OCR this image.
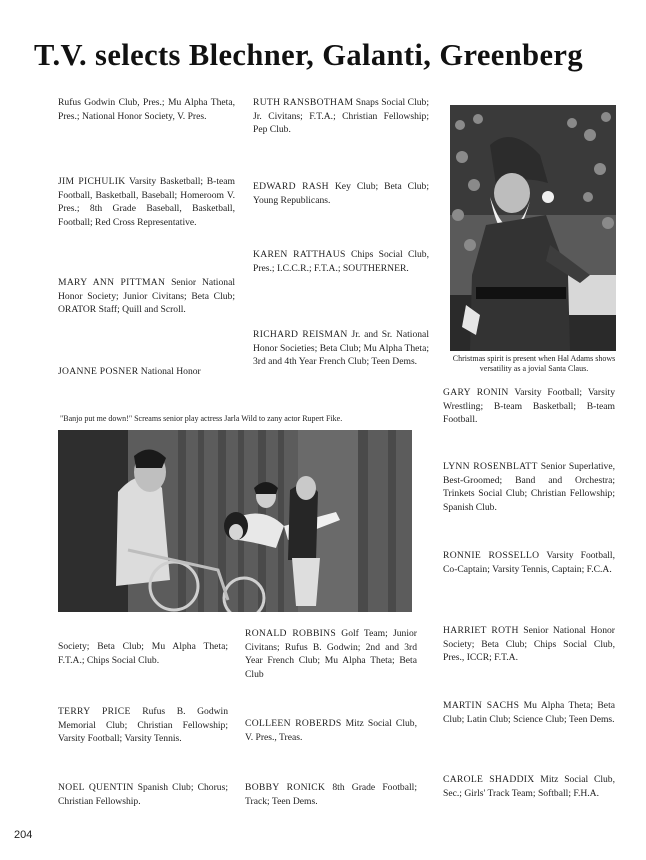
T.V. selects Blechner, Galanti, Greenberg
Rufus Godwin Club, Pres.; Mu Alpha Theta, Pres.; National Honor Society, V. Pres.
JIM PICHULIK Varsity Basketball; B-team Football, Basketball, Baseball; Homeroom V. Pres.; 8th Grade Baseball, Basketball, Football; Red Cross Representative.
MARY ANN PITTMAN Senior National Honor Society; Junior Civitans; Beta Club; ORATOR Staff; Quill and Scroll.
JOANNE POSNER National Honor
RUTH RANSBOTHAM Snaps Social Club; Jr. Civitans; F.T.A.; Christian Fellowship; Pep Club.
EDWARD RASH Key Club; Beta Club; Young Republicans.
KAREN RATTHAUS Chips Social Club, Pres.; I.C.C.R.; F.T.A.; SOUTHERNER.
RICHARD REISMAN Jr. and Sr. National Honor Societies; Beta Club; Mu Alpha Theta; 3rd and 4th Year French Club; Teen Dems.	Christmas spirit is present when Hal Adams shows versatility as a jovial Santa Claus.
"Banjo put me down!" Screams senior play actress Jarla Wild to zany actor Rupert Fike.
GARY RONIN Varsity Football; Varsity Wrestling; B-team Basketball; B-team Football.
LYNN ROSENBLATT Senior Superlative, Best-Groomed; Band and Orchestra; Trinkets Social Club; Christian Fellowship; Spanish Club.
RONNIE ROSSELLO Varsity Football, Co-Captain; Varsity Tennis, Captain; F.C.A.
HARRIET ROTH Senior National Honor Society; Beta Club; Chips Social Club, Pres., ICCR; F.T.A.
MARTIN SACHS Mu Alpha Theta; Beta Club; Latin Club; Science Club; Teen Dems.
CAROLE SHADDIX Mitz Social Club, Sec.; Girls' Track Team; Softball; F.H.A.
Society; Beta Club; Mu Alpha Theta; F.T.A.; Chips Social Club.
TERRY PRICE Rufus B. Godwin Memorial Club; Christian Fellowship; Varsity Football; Varsity Tennis.
NOEL QUENTIN Spanish Club; Chorus; Christian Fellowship.
RONALD ROBBINS Golf Team; Junior Civitans; Rufus B. Godwin; 2nd and 3rd Year French Club; Mu Alpha Theta; Beta Club
COLLEEN ROBERDS Mitz Social Club, V. Pres., Treas.
BOBBY RONICK 8th Grade Football; Track; Teen Dems.
204
